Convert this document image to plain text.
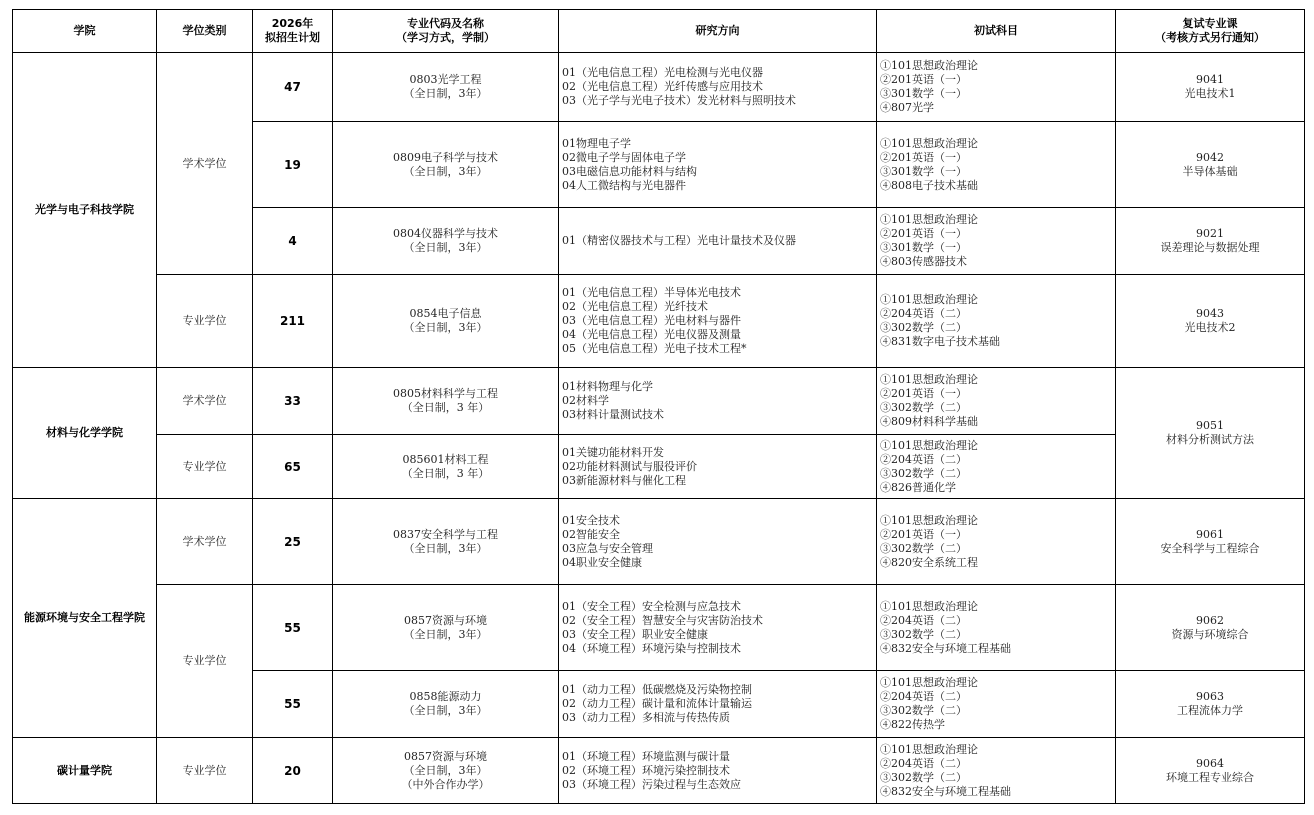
学院	学位类别	2026年
拟招生计划	专业代码及名称
（学习方式，学制）	研究方向	初试科目	复试专业课
（考核方式另行通知）

光学与电子科技学院	学术学位	47	0803光学工程
（全日制，3年）	01（光电信息工程）光电检测与光电仪器
02（光电信息工程）光纤传感与应用技术
03（光子学与光电子技术）发光材料与照明技术	①101思想政治理论
②201英语（一）
③301数学（一）
④807光学	9041
光电技术1

		19	0809电子科学与技术
（全日制，3年）	01物理电子学
02微电子学与固体电子学
03电磁信息功能材料与结构
04人工微结构与光电器件	①101思想政治理论
②201英语（一）
③301数学（一）
④808电子技术基础	9042
半导体基础

		4	0804仪器科学与技术
（全日制，3年）	01（精密仪器技术与工程）光电计量技术及仪器	①101思想政治理论
②201英语（一）
③301数学（一）
④803传感器技术	9021
误差理论与数据处理

	专业学位	211	0854电子信息
（全日制，3年）	01（光电信息工程）半导体光电技术
02（光电信息工程）光纤技术
03（光电信息工程）光电材料与器件
04（光电信息工程）光电仪器及测量
05（光电信息工程）光电子技术工程*	①101思想政治理论
②204英语（二）
③302数学（二）
④831数字电子技术基础	9043
光电技术2

材料与化学学院	学术学位	33	0805材料科学与工程
（全日制，3 年）	01材料物理与化学
02材料学
03材料计量测试技术	①101思想政治理论
②201英语（一）
③302数学（二）
④809材料科学基础	9051
材料分析测试方法

	专业学位	65	085601材料工程
（全日制，3 年）	01关键功能材料开发
02功能材料测试与服役评价
03新能源材料与催化工程	①101思想政治理论
②204英语（二）
③302数学（二）
④826普通化学	

能源环境与安全工程学院	学术学位	25	0837安全科学与工程
（全日制，3年）	01安全技术
02智能安全
03应急与安全管理
04职业安全健康	①101思想政治理论
②201英语（一）
③302数学（二）
④820安全系统工程	9061
安全科学与工程综合

	专业学位	55	0857资源与环境
（全日制，3年）	01（安全工程）安全检测与应急技术
02（安全工程）智慧安全与灾害防治技术
03（安全工程）职业安全健康
04（环境工程）环境污染与控制技术	①101思想政治理论
②204英语（二）
③302数学（二）
④832安全与环境工程基础	9062
资源与环境综合

		55	0858能源动力
（全日制，3年）	01（动力工程）低碳燃烧及污染物控制
02（动力工程）碳计量和流体计量输运
03（动力工程）多相流与传热传质	①101思想政治理论
②204英语（二）
③302数学（二）
④822传热学	9063
工程流体力学

碳计量学院	专业学位	20	0857资源与环境
（全日制，3年）
（中外合作办学）	01（环境工程）环境监测与碳计量
02（环境工程）环境污染控制技术
03（环境工程）污染过程与生态效应	①101思想政治理论
②204英语（二）
③302数学（二）
④832安全与环境工程基础	9064
环境工程专业综合
